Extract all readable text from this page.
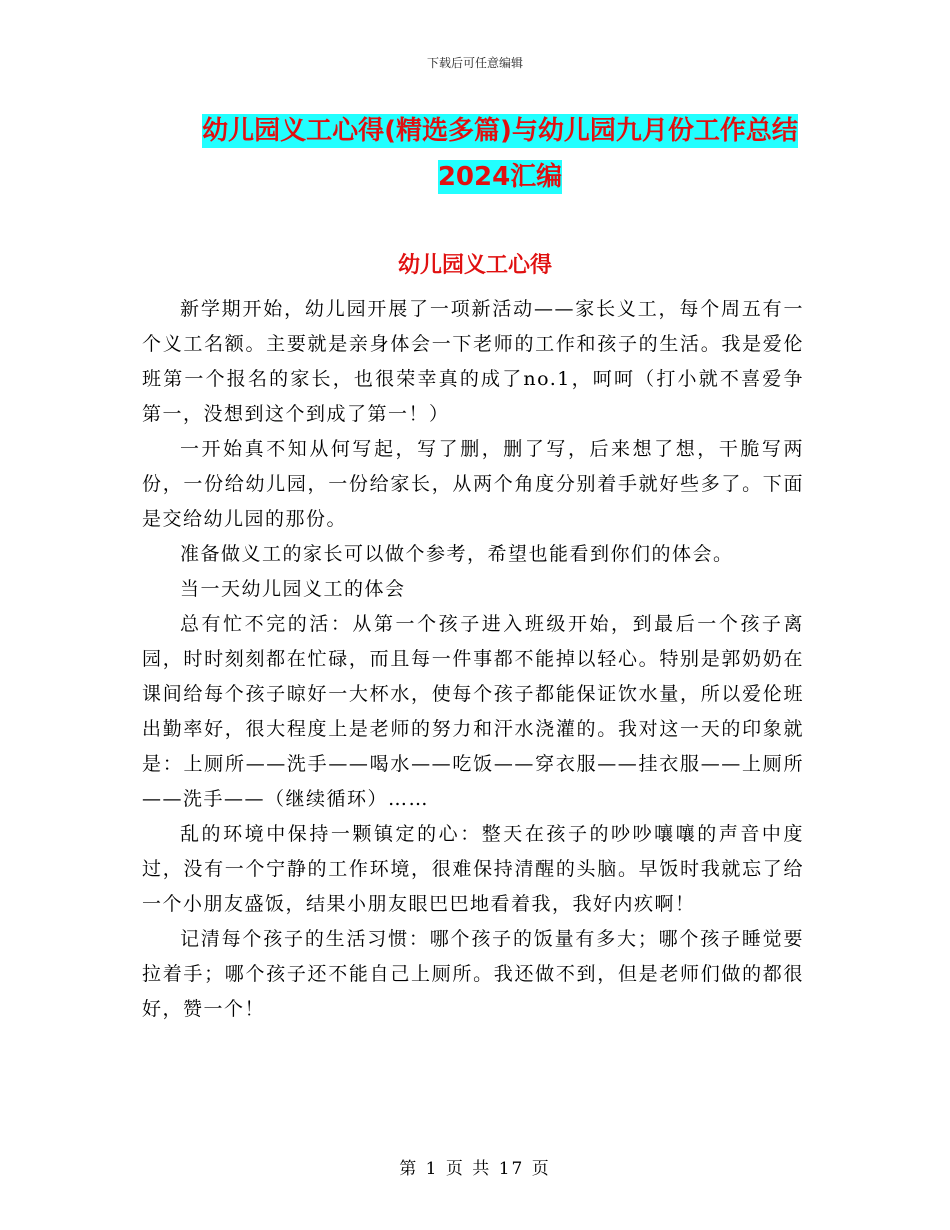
下载后可任意编辑
幼儿园义工心得(精选多篇)与幼儿园九月份工作总结
2024汇编
幼儿园义工心得

新学期开始，幼儿园开展了一项新活动——家长义工，每个周五有一个义工名额。主要就是亲身体会一下老师的工作和孩子的生活。我是爱伦班第一个报名的家长，也很荣幸真的成了no.1，呵呵（打小就不喜爱争第一，没想到这个到成了第一！）

一开始真不知从何写起，写了删，删了写，后来想了想，干脆写两份，一份给幼儿园，一份给家长，从两个角度分别着手就好些多了。下面是交给幼儿园的那份。

准备做义工的家长可以做个参考，希望也能看到你们的体会。

当一天幼儿园义工的体会

总有忙不完的活：从第一个孩子进入班级开始，到最后一个孩子离园，时时刻刻都在忙碌，而且每一件事都不能掉以轻心。特别是郭奶奶在课间给每个孩子晾好一大杯水，使每个孩子都能保证饮水量，所以爱伦班出勤率好，很大程度上是老师的努力和汗水浇灌的。我对这一天的印象就是：上厕所——洗手——喝水——吃饭——穿衣服——挂衣服——上厕所——洗手——（继续循环）……

乱的环境中保持一颗镇定的心：整天在孩子的吵吵嚷嚷的声音中度过，没有一个宁静的工作环境，很难保持清醒的头脑。早饭时我就忘了给一个小朋友盛饭，结果小朋友眼巴巴地看着我，我好内疚啊！

记清每个孩子的生活习惯：哪个孩子的饭量有多大；哪个孩子睡觉要拉着手；哪个孩子还不能自己上厕所。我还做不到，但是老师们做的都很好，赞一个！

第 1 页 共 17 页
